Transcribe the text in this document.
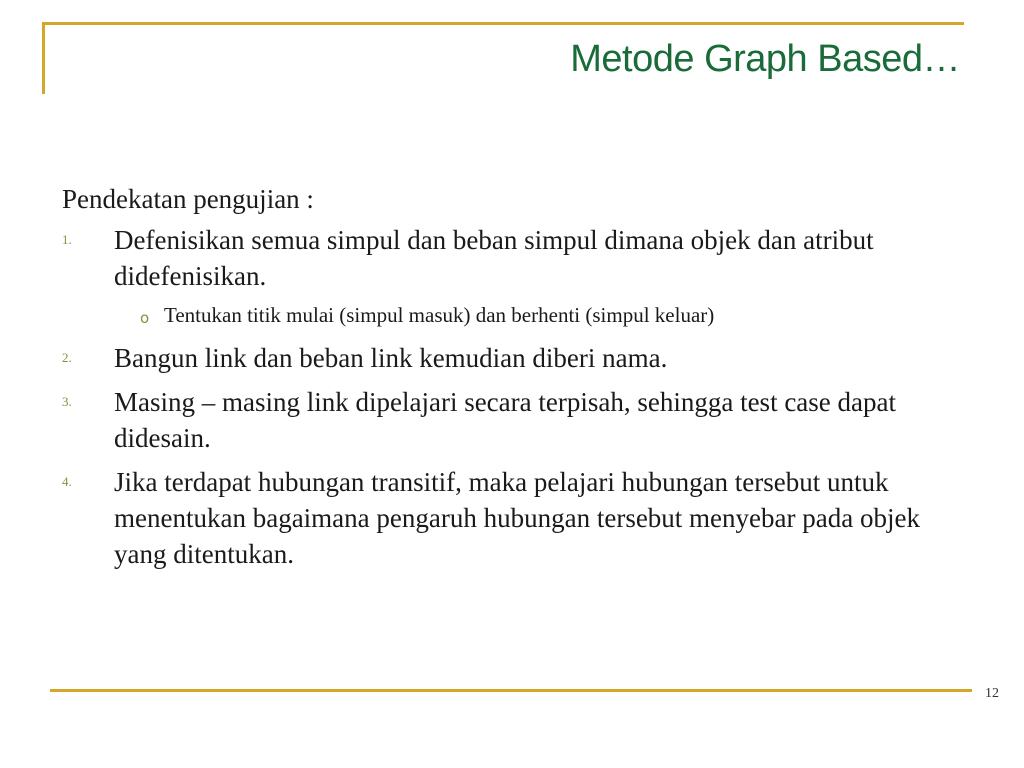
Metode Graph Based…
Pendekatan pengujian :
1. Defenisikan semua simpul dan beban simpul dimana objek dan atribut didefenisikan.
o Tentukan titik mulai (simpul masuk) dan berhenti (simpul keluar)
2. Bangun link dan beban link kemudian diberi nama.
3. Masing – masing link dipelajari secara terpisah, sehingga test case dapat didesain.
4. Jika terdapat hubungan transitif, maka pelajari hubungan tersebut untuk menentukan bagaimana pengaruh hubungan tersebut menyebar pada objek yang ditentukan.
12
